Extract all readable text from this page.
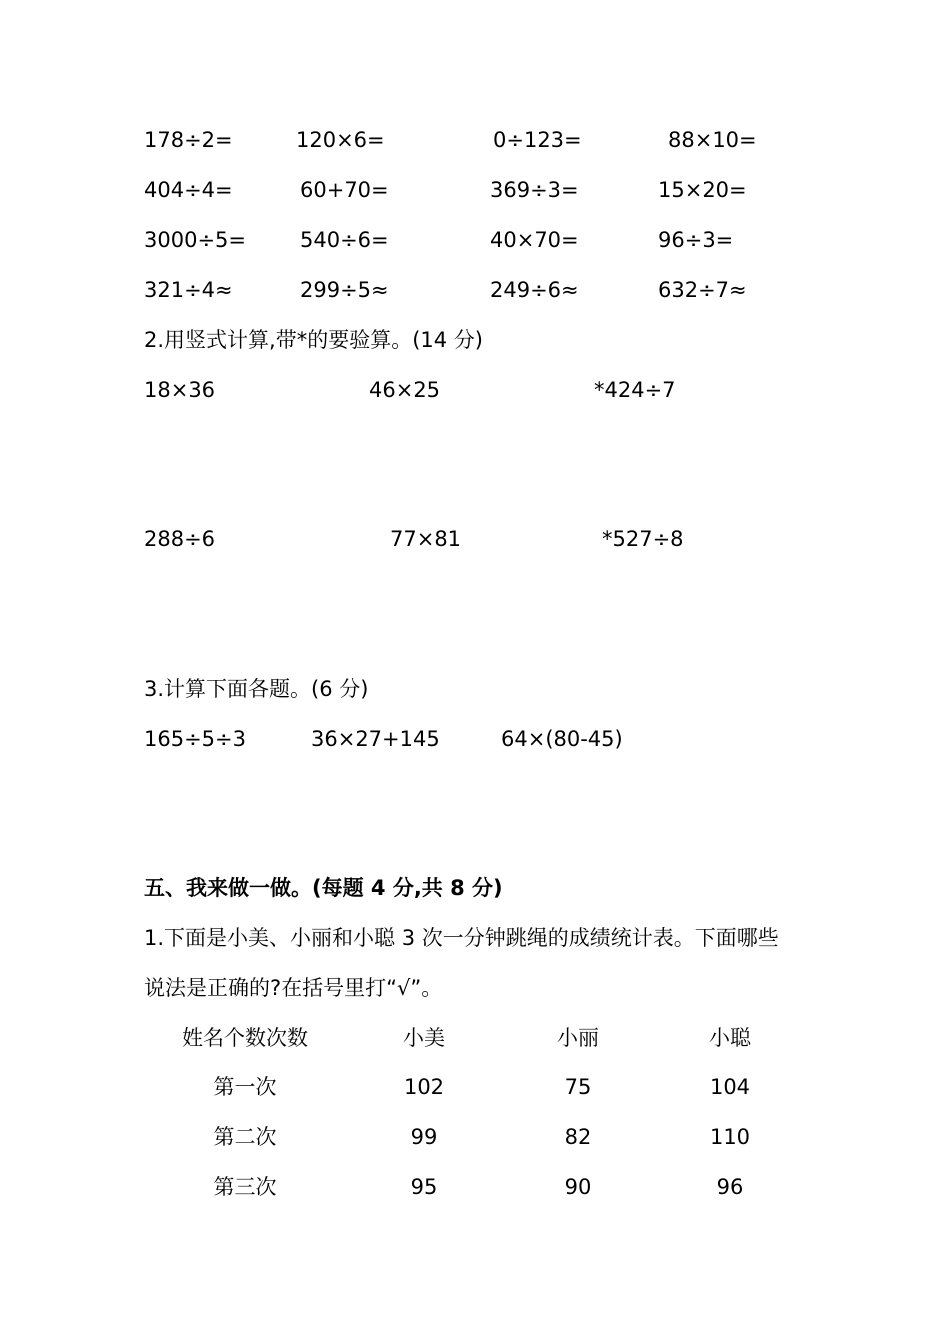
178÷2=	120×6=	0÷123=	88×10=
404÷4=	60+70=	369÷3=	15×20=
3000÷5=	540÷6=	40×70=	96÷3=
321÷4≈	299÷5≈	249÷6≈	632÷7≈
2.用竖式计算,带*的要验算。(14 分)
18×36	46×25	*424÷7
288÷6	77×81	*527÷8
3.计算下面各题。(6 分)
165÷5÷3	36×27+145	64×(80-45)
五、我来做一做。(每题 4 分,共 8 分)
1.下面是小美、小丽和小聪 3 次一分钟跳绳的成绩统计表。下面哪些
说法是正确的?在括号里打“√”。
姓名个数次数	小美	小丽	小聪
第一次	102	75	104
第二次	99	82	110
第三次	95	90	96
